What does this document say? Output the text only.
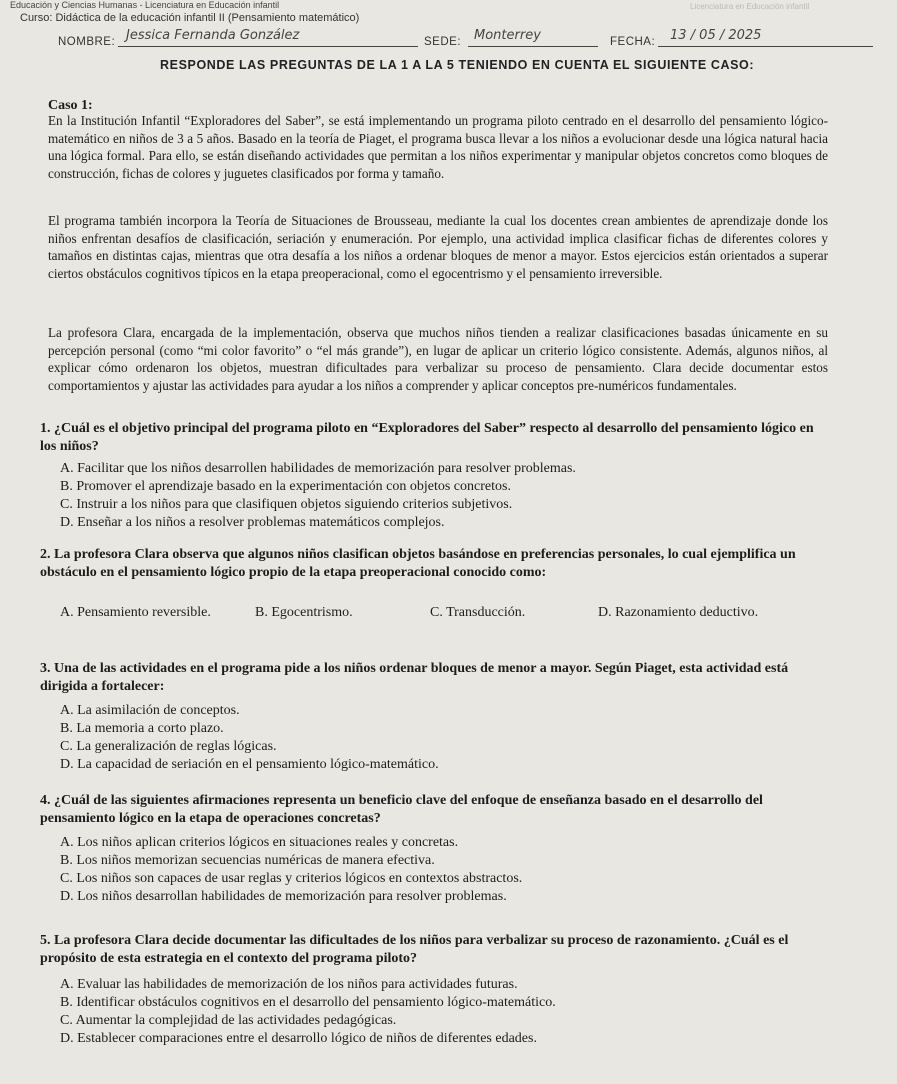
Educación y Ciencias Humanas - Licenciatura en Educación infantil	Licenciatura en Educación infantil
Curso: Didáctica de la educación infantil II (Pensamiento matemático)
NOMBRE: Jessica Fernanda González	SEDE: Monterrey	FECHA: 13 / 05 / 2025
RESPONDE LAS PREGUNTAS DE LA 1 A LA 5 TENIENDO EN CUENTA EL SIGUIENTE CASO:
Caso 1:

En la Institución Infantil “Exploradores del Saber”, se está implementando un programa piloto centrado en el desarrollo del pensamiento lógico-matemático en niños de 3 a 5 años. Basado en la teoría de Piaget, el programa busca llevar a los niños a evolucionar desde una lógica natural hacia una lógica formal. Para ello, se están diseñando actividades que permitan a los niños experimentar y manipular objetos concretos como bloques de construcción, fichas de colores y juguetes clasificados por forma y tamaño.

El programa también incorpora la Teoría de Situaciones de Brousseau, mediante la cual los docentes crean ambientes de aprendizaje donde los niños enfrentan desafíos de clasificación, seriación y enumeración. Por ejemplo, una actividad implica clasificar fichas de diferentes colores y tamaños en distintas cajas, mientras que otra desafía a los niños a ordenar bloques de menor a mayor. Estos ejercicios están orientados a superar ciertos obstáculos cognitivos típicos en la etapa preoperacional, como el egocentrismo y el pensamiento irreversible.

La profesora Clara, encargada de la implementación, observa que muchos niños tienden a realizar clasificaciones basadas únicamente en su percepción personal (como “mi color favorito” o “el más grande”), en lugar de aplicar un criterio lógico consistente. Además, algunos niños, al explicar cómo ordenaron los objetos, muestran dificultades para verbalizar su proceso de pensamiento. Clara decide documentar estos comportamientos y ajustar las actividades para ayudar a los niños a comprender y aplicar conceptos pre-numéricos fundamentales.

1. ¿Cuál es el objetivo principal del programa piloto en “Exploradores del Saber” respecto al desarrollo del pensamiento lógico en los niños?
A. Facilitar que los niños desarrollen habilidades de memorización para resolver problemas.
B. Promover el aprendizaje basado en la experimentación con objetos concretos.
C. Instruir a los niños para que clasifiquen objetos siguiendo criterios subjetivos.
D. Enseñar a los niños a resolver problemas matemáticos complejos.
2. La profesora Clara observa que algunos niños clasifican objetos basándose en preferencias personales, lo cual ejemplifica un obstáculo en el pensamiento lógico propio de la etapa preoperacional conocido como:
A. Pensamiento reversible.	B. Egocentrismo.	C. Transducción.	D. Razonamiento deductivo.
3. Una de las actividades en el programa pide a los niños ordenar bloques de menor a mayor. Según Piaget, esta actividad está dirigida a fortalecer:
A. La asimilación de conceptos.
B. La memoria a corto plazo.
C. La generalización de reglas lógicas.
D. La capacidad de seriación en el pensamiento lógico-matemático.
4. ¿Cuál de las siguientes afirmaciones representa un beneficio clave del enfoque de enseñanza basado en el desarrollo del pensamiento lógico en la etapa de operaciones concretas?
A. Los niños aplican criterios lógicos en situaciones reales y concretas.
B. Los niños memorizan secuencias numéricas de manera efectiva.
C. Los niños son capaces de usar reglas y criterios lógicos en contextos abstractos.
D. Los niños desarrollan habilidades de memorización para resolver problemas.
5. La profesora Clara decide documentar las dificultades de los niños para verbalizar su proceso de razonamiento. ¿Cuál es el propósito de esta estrategia en el contexto del programa piloto?
A. Evaluar las habilidades de memorización de los niños para actividades futuras.
B. Identificar obstáculos cognitivos en el desarrollo del pensamiento lógico-matemático.
C. Aumentar la complejidad de las actividades pedagógicas.
D. Establecer comparaciones entre el desarrollo lógico de niños de diferentes edades.
